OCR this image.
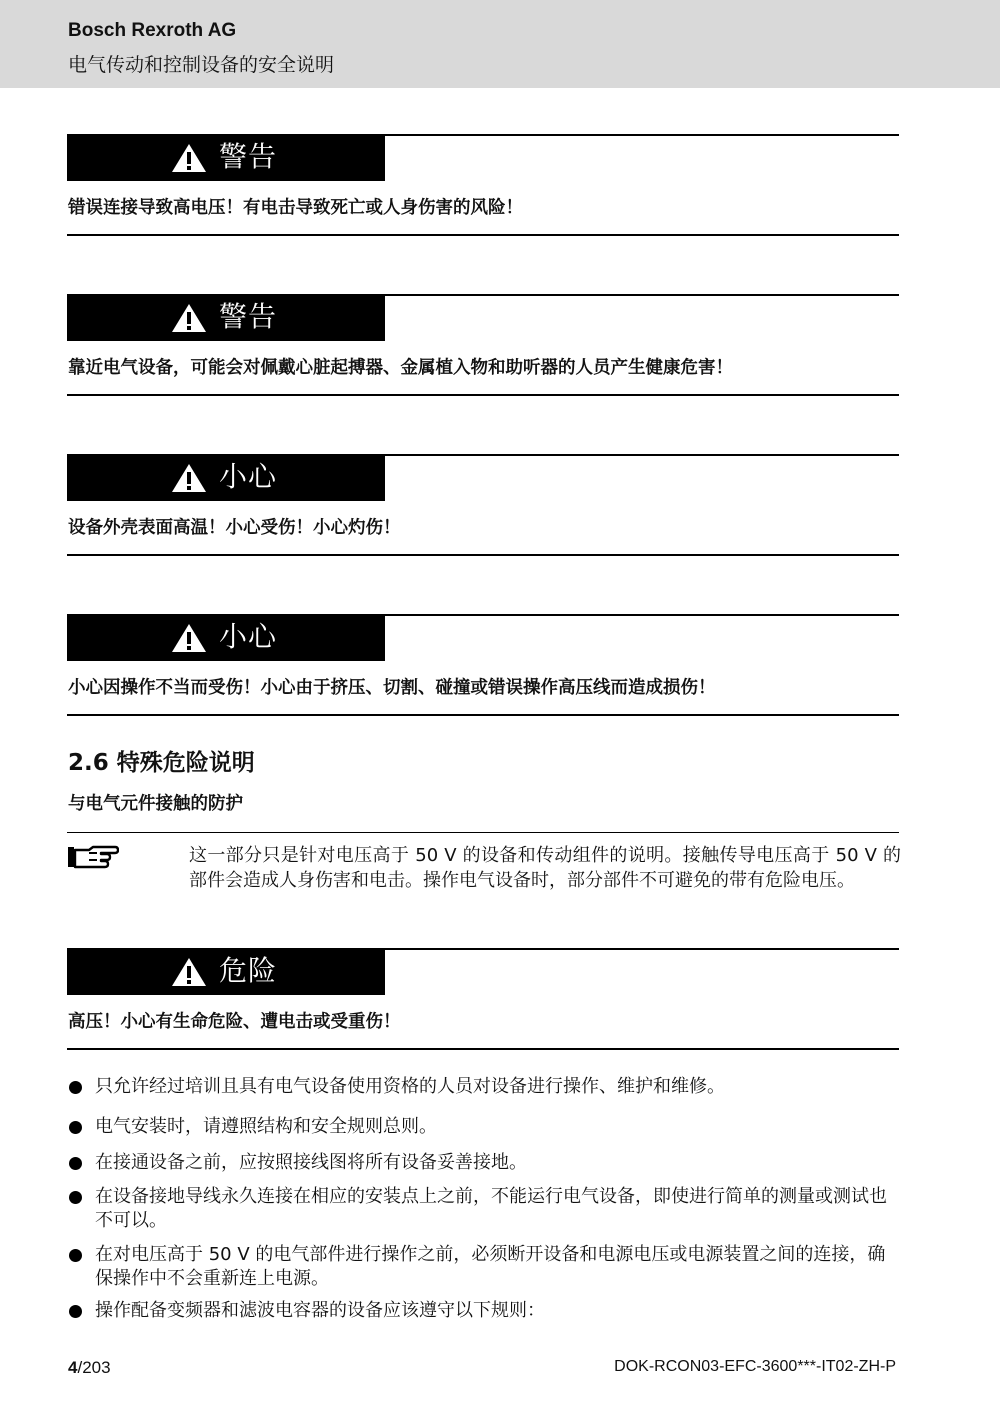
Bosch Rexroth AG
电气传动和控制设备的安全说明
警告
错误连接导致高电压！有电击导致死亡或人身伤害的风险！
警告
靠近电气设备，可能会对佩戴心脏起搏器、金属植入物和助听器的人员产生健康危害！
小心
设备外壳表面高温！小心受伤！小心灼伤！
小心
小心因操作不当而受伤！小心由于挤压、切割、碰撞或错误操作高压线而造成损伤！
2.6 特殊危险说明
与电气元件接触的防护
这一部分只是针对电压高于 50 V 的设备和传动组件的说明。接触传导电压高于 50 V 的部件会造成人身伤害和电击。操作电气设备时，部分部件不可避免的带有危险电压。
危险
高压！小心有生命危险、遭电击或受重伤！
只允许经过培训且具有电气设备使用资格的人员对设备进行操作、维护和维修。
电气安装时，请遵照结构和安全规则总则。
在接通设备之前，应按照接线图将所有设备妥善接地。
在设备接地导线永久连接在相应的安装点上之前，不能运行电气设备，即使进行简单的测量或测试也不可以。
在对电压高于 50 V 的电气部件进行操作之前，必须断开设备和电源电压或电源装置之间的连接，确保操作中不会重新连上电源。
操作配备变频器和滤波电容器的设备应该遵守以下规则：
4/203	DOK-RCON03-EFC-3600***-IT02-ZH-P
